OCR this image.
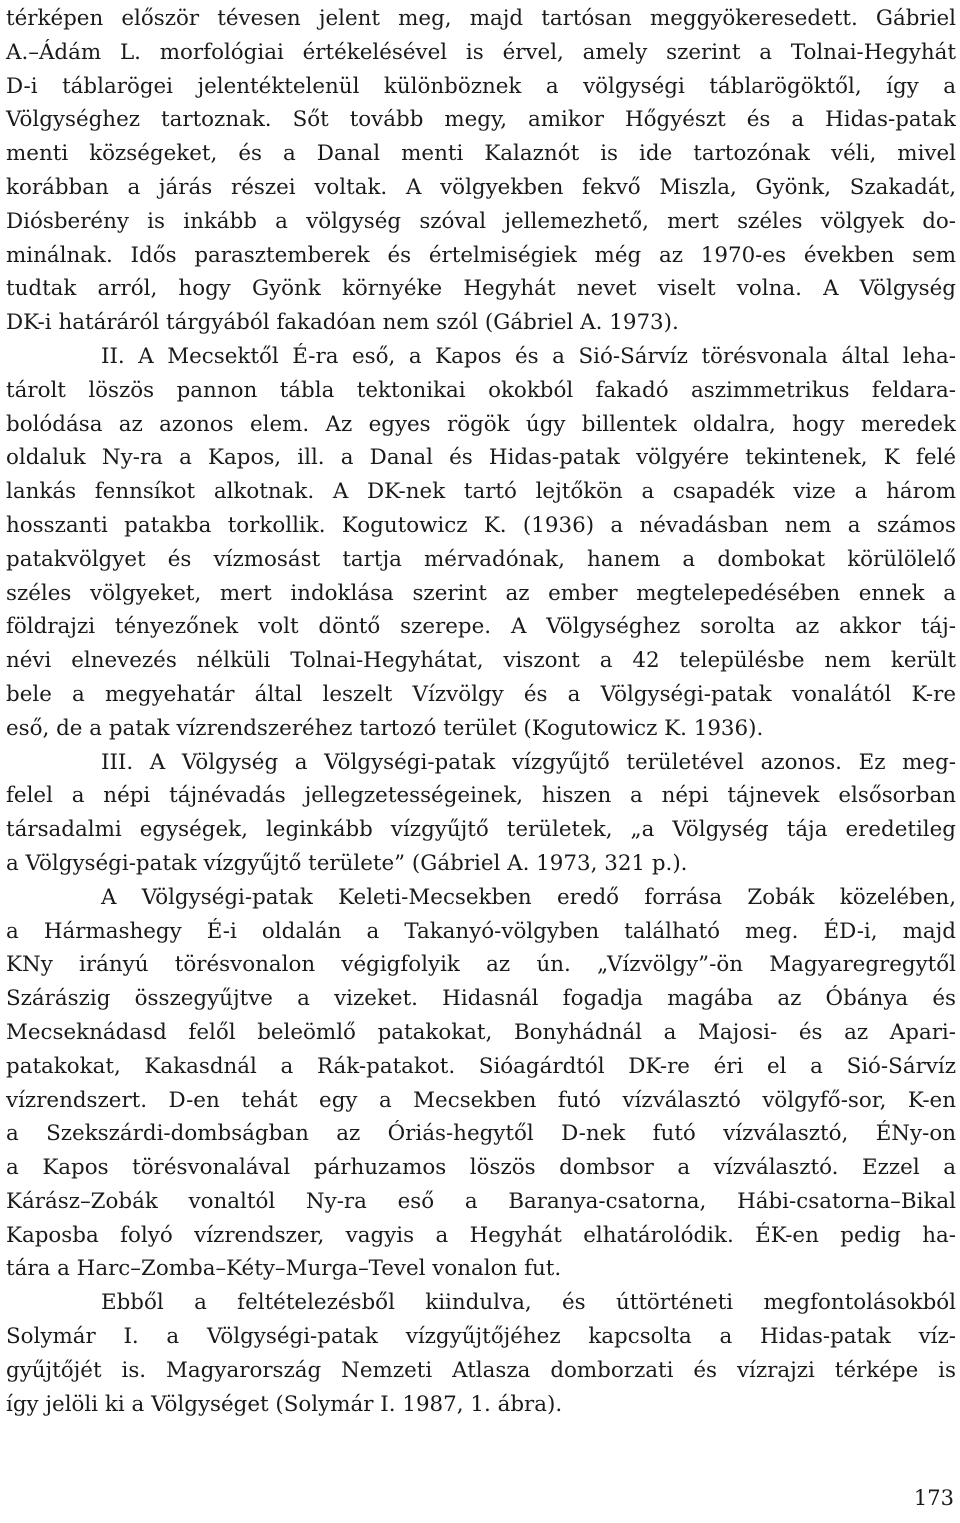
térképen először tévesen jelent meg, majd tartósan meggyökeresedett. Gábriel
A.–Ádám L. morfológiai értékelésével is érvel, amely szerint a Tolnai-Hegyhát
D-i táblarögei jelentéktelenül különböznek a völgységi táblarögöktől, így a
Völgységhez tartoznak. Sőt tovább megy, amikor Hőgyészt és a Hidas-patak
menti községeket, és a Danal menti Kalaznót is ide tartozónak véli, mivel
korábban a járás részei voltak. A völgyekben fekvő Miszla, Gyönk, Szakadát,
Diósberény is inkább a völgység szóval jellemezhető, mert széles völgyek do-
minálnak. Idős parasztemberek és értelmiségiek még az 1970-es években sem
tudtak arról, hogy Gyönk környéke Hegyhát nevet viselt volna. A Völgység
DK-i határáról tárgyából fakadóan nem szól (Gábriel A. 1973).
II. A Mecsektől É-ra eső, a Kapos és a Sió-Sárvíz törésvonala által leha-
tárolt löszös pannon tábla tektonikai okokból fakadó aszimmetrikus feldara-
bolódása az azonos elem. Az egyes rögök úgy billentek oldalra, hogy meredek
oldaluk Ny-ra a Kapos, ill. a Danal és Hidas-patak völgyére tekintenek, K felé
lankás fennsíkot alkotnak. A DK-nek tartó lejtőkön a csapadék vize a három
hosszanti patakba torkollik. Kogutowicz K. (1936) a névadásban nem a számos
patakvölgyet és vízmosást tartja mérvadónak, hanem a dombokat körülölelő
széles völgyeket, mert indoklása szerint az ember megtelepedésében ennek a
földrajzi tényezőnek volt döntő szerepe. A Völgységhez sorolta az akkor táj-
névi elnevezés nélküli Tolnai-Hegyhátat, viszont a 42 településbe nem került
bele a megyehatár által leszelt Vízvölgy és a Völgységi-patak vonalától K-re
eső, de a patak vízrendszeréhez tartozó terület (Kogutowicz K. 1936).
III. A Völgység a Völgységi-patak vízgyűjtő területével azonos. Ez meg-
felel a népi tájnévadás jellegzetességeinek, hiszen a népi tájnevek elsősorban
társadalmi egységek, leginkább vízgyűjtő területek, „a Völgység tája eredetileg
a Völgységi-patak vízgyűjtő területe” (Gábriel A. 1973, 321 p.).
A Völgységi-patak Keleti-Mecsekben eredő forrása Zobák közelében,
a Hármashegy É-i oldalán a Takanyó-völgyben található meg. ÉD-i, majd
KNy irányú törésvonalon végigfolyik az ún. „Vízvölgy”-ön Magyaregregytől
Szárászig összegyűjtve a vizeket. Hidasnál fogadja magába az Óbánya és
Mecseknádasd felől beleömlő patakokat, Bonyhádnál a Majosi- és az Apari-
patakokat, Kakasdnál a Rák-patakot. Sióagárdtól DK-re éri el a Sió-Sárvíz
vízrendszert. D-en tehát egy a Mecsekben futó vízválasztó völgyfő-sor, K-en
a Szekszárdi-dombságban az Óriás-hegytől D-nek futó vízválasztó, ÉNy-on
a Kapos törésvonalával párhuzamos löszös dombsor a vízválasztó. Ezzel a
Kárász–Zobák vonaltól Ny-ra eső a Baranya-csatorna, Hábi-csatorna–Bikal
Kaposba folyó vízrendszer, vagyis a Hegyhát elhatárolódik. ÉK-en pedig ha-
tára a Harc–Zomba–Kéty–Murga–Tevel vonalon fut.
Ebből a feltételezésből kiindulva, és úttörténeti megfontolásokból
Solymár I. a Völgységi-patak vízgyűjtőjéhez kapcsolta a Hidas-patak víz-
gyűjtőjét is. Magyarország Nemzeti Atlasza domborzati és vízrajzi térképe is
így jelöli ki a Völgységet (Solymár I. 1987, 1. ábra).
173
